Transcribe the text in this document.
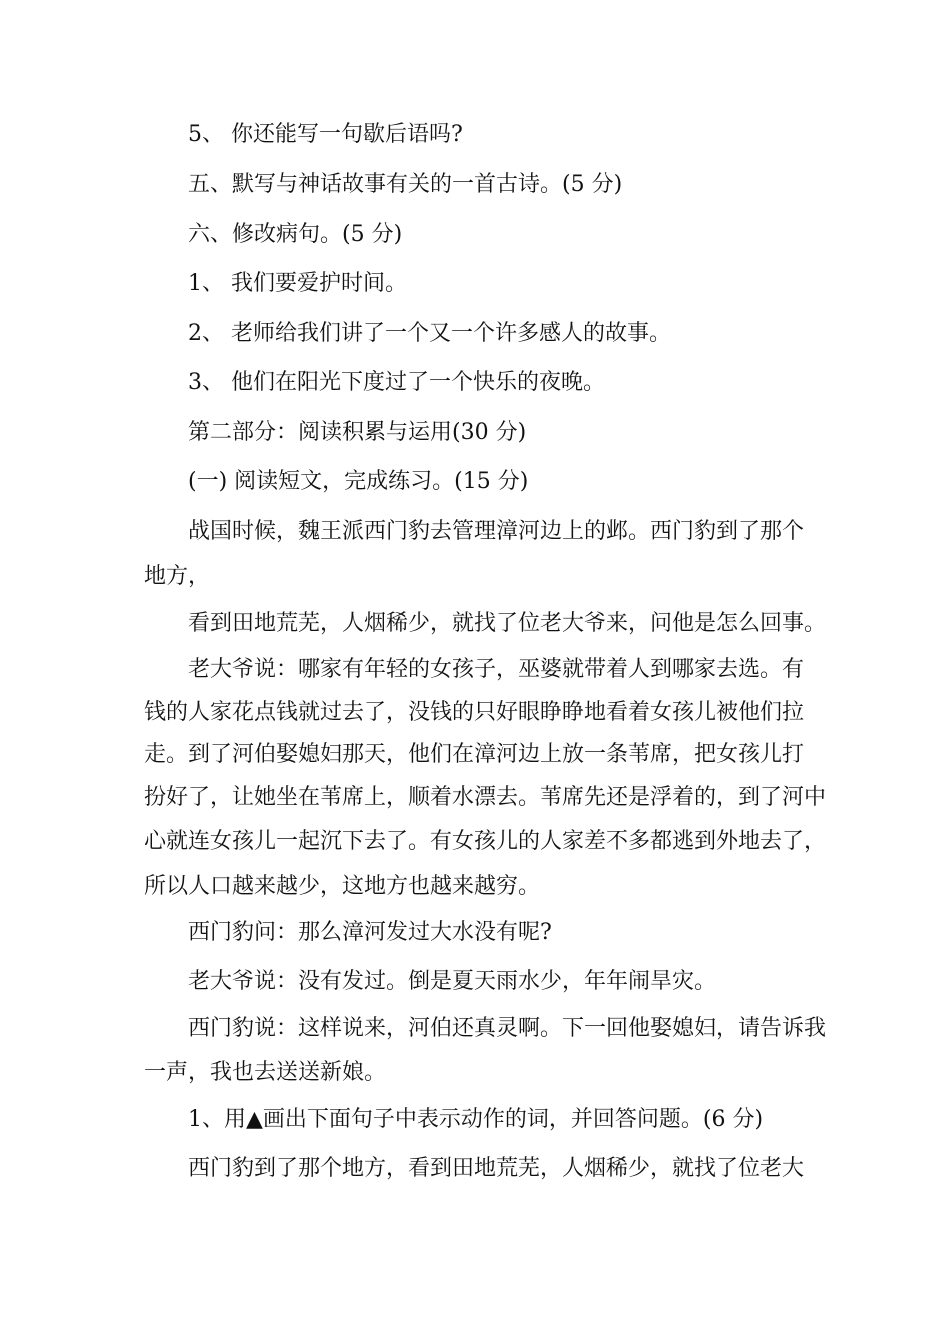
5、 你还能写一句歇后语吗?
五、默写与神话故事有关的一首古诗。(5 分)
六、修改病句。(5 分)
1、 我们要爱护时间。
2、 老师给我们讲了一个又一个许多感人的故事。
3、 他们在阳光下度过了一个快乐的夜晚。
第二部分：阅读积累与运用(30 分)
(一) 阅读短文，完成练习。(15 分)
战国时候，魏王派西门豹去管理漳河边上的邺。西门豹到了那个
地方，
看到田地荒芜，人烟稀少，就找了位老大爷来，问他是怎么回事。
老大爷说：哪家有年轻的女孩子，巫婆就带着人到哪家去选。有
钱的人家花点钱就过去了，没钱的只好眼睁睁地看着女孩儿被他们拉
走。到了河伯娶媳妇那天，他们在漳河边上放一条苇席，把女孩儿打
扮好了，让她坐在苇席上，顺着水漂去。苇席先还是浮着的，到了河中
心就连女孩儿一起沉下去了。有女孩儿的人家差不多都逃到外地去了，
所以人口越来越少，这地方也越来越穷。
西门豹问：那么漳河发过大水没有呢?
老大爷说：没有发过。倒是夏天雨水少，年年闹旱灾。
西门豹说：这样说来，河伯还真灵啊。下一回他娶媳妇，请告诉我
一声，我也去送送新娘。
1、用▲画出下面句子中表示动作的词，并回答问题。(6 分)
西门豹到了那个地方，看到田地荒芜，人烟稀少，就找了位老大
